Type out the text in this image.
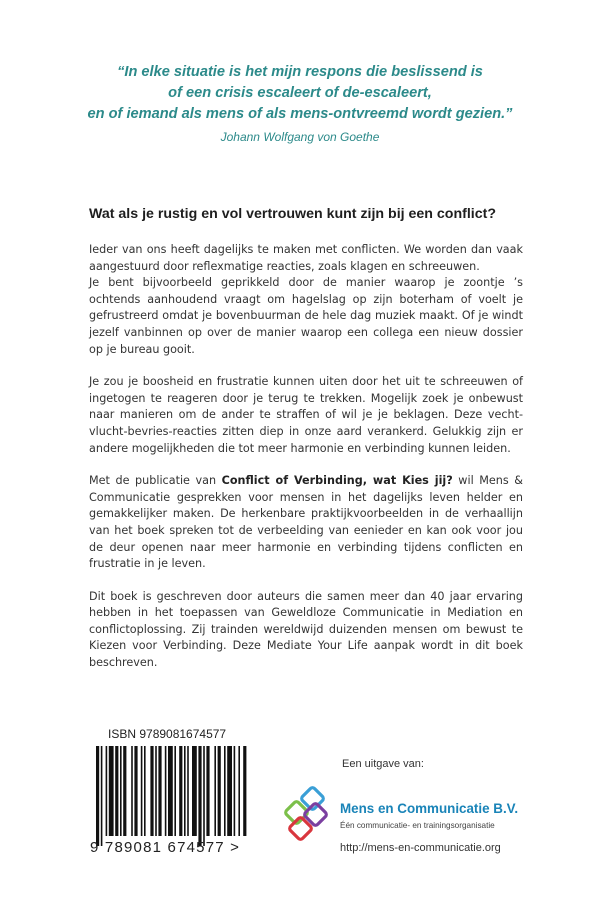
“In elke situatie is het mijn respons die beslissend is
of een crisis escaleert of de-escaleert,
en of iemand als mens of als mens-ontvreemd wordt gezien.”
Johann Wolfgang von Goethe
Wat als je rustig en vol vertrouwen kunt zijn bij een conflict?

Ieder van ons heeft dagelijks te maken met conflicten. We worden dan vaak aangestuurd door reflexmatige reacties, zoals klagen en schreeuwen.

Je bent bijvoorbeeld geprikkeld door de manier waarop je zoontje ’s ochtends aanhoudend vraagt om hagelslag op zijn boterham of voelt je gefrustreerd omdat je bovenbuurman de hele dag muziek maakt. Of je windt jezelf vanbinnen op over de manier waarop een collega een nieuw dossier op je bureau gooit.

Je zou je boosheid en frustratie kunnen uiten door het uit te schreeuwen of ingetogen te reageren door je terug te trekken. Mogelijk zoek je onbewust naar manieren om de ander te straffen of wil je je beklagen. Deze vecht-vlucht-bevries-reacties zitten diep in onze aard verankerd. Gelukkig zijn er andere mogelijkheden die tot meer harmonie en verbinding kunnen leiden.

Met de publicatie van Conflict of Verbinding, wat Kies jij? wil Mens & Communicatie gesprekken voor mensen in het dagelijks leven helder en gemakkelijker maken. De herkenbare praktijkvoorbeelden in de verhaallijn van het boek spreken tot de verbeelding van eenieder en kan ook voor jou de deur openen naar meer harmonie en verbinding tijdens conflicten en frustratie in je leven.

Dit boek is geschreven door auteurs die samen meer dan 40 jaar ervaring hebben in het toepassen van Geweldloze Communicatie in Mediation en conflictoplossing. Zij trainden wereldwijd duizenden mensen om bewust te Kiezen voor Verbinding. Deze Mediate Your Life aanpak wordt in dit boek beschreven.

ISBN 9789081674577
9 789081 674577 >
Een uitgave van:
Mens en Communicatie B.V.
Één communicatie- en trainingsorganisatie
http://mens-en-communicatie.org
